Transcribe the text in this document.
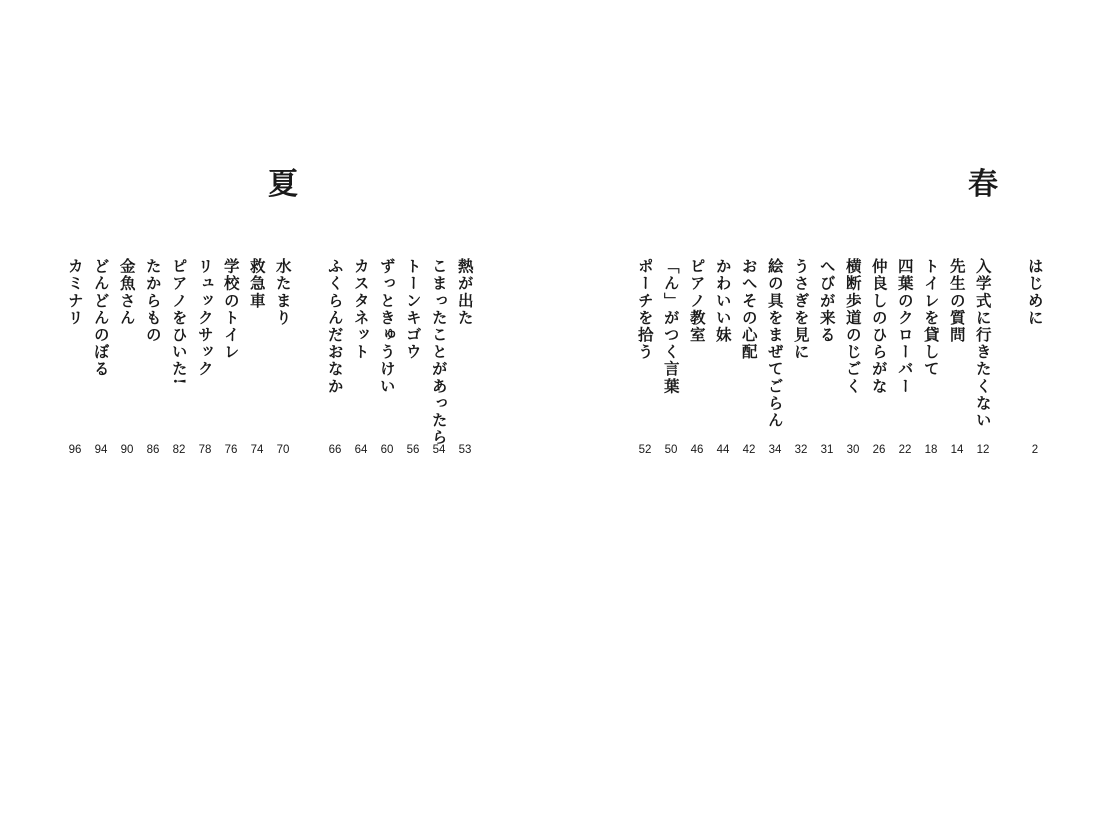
春
夏
はじめに
2
入学式に行きたくない
12
先生の質問
14
トイレを貸して
18
四葉のクローバー
22
仲良しのひらがな
26
横断歩道のじごく
30
へびが来る
31
うさぎを見に
32
絵の具をまぜてごらん
34
おへその心配
42
かわいい妹
44
ピアノ教室
46
「ん」がつく言葉
50
ポーチを拾う
52
熱が出た
53
こまったことがあったら
54
トーンキゴウ
56
ずっときゅうけい
60
カスタネット
64
ふくらんだおなか
66
水たまり
70
救急車
74
学校のトイレ
76
リュックサック
78
ピアノをひいた!
82
たからもの
86
金魚さん
90
どんどんのぼる
94
カミナリ
96
